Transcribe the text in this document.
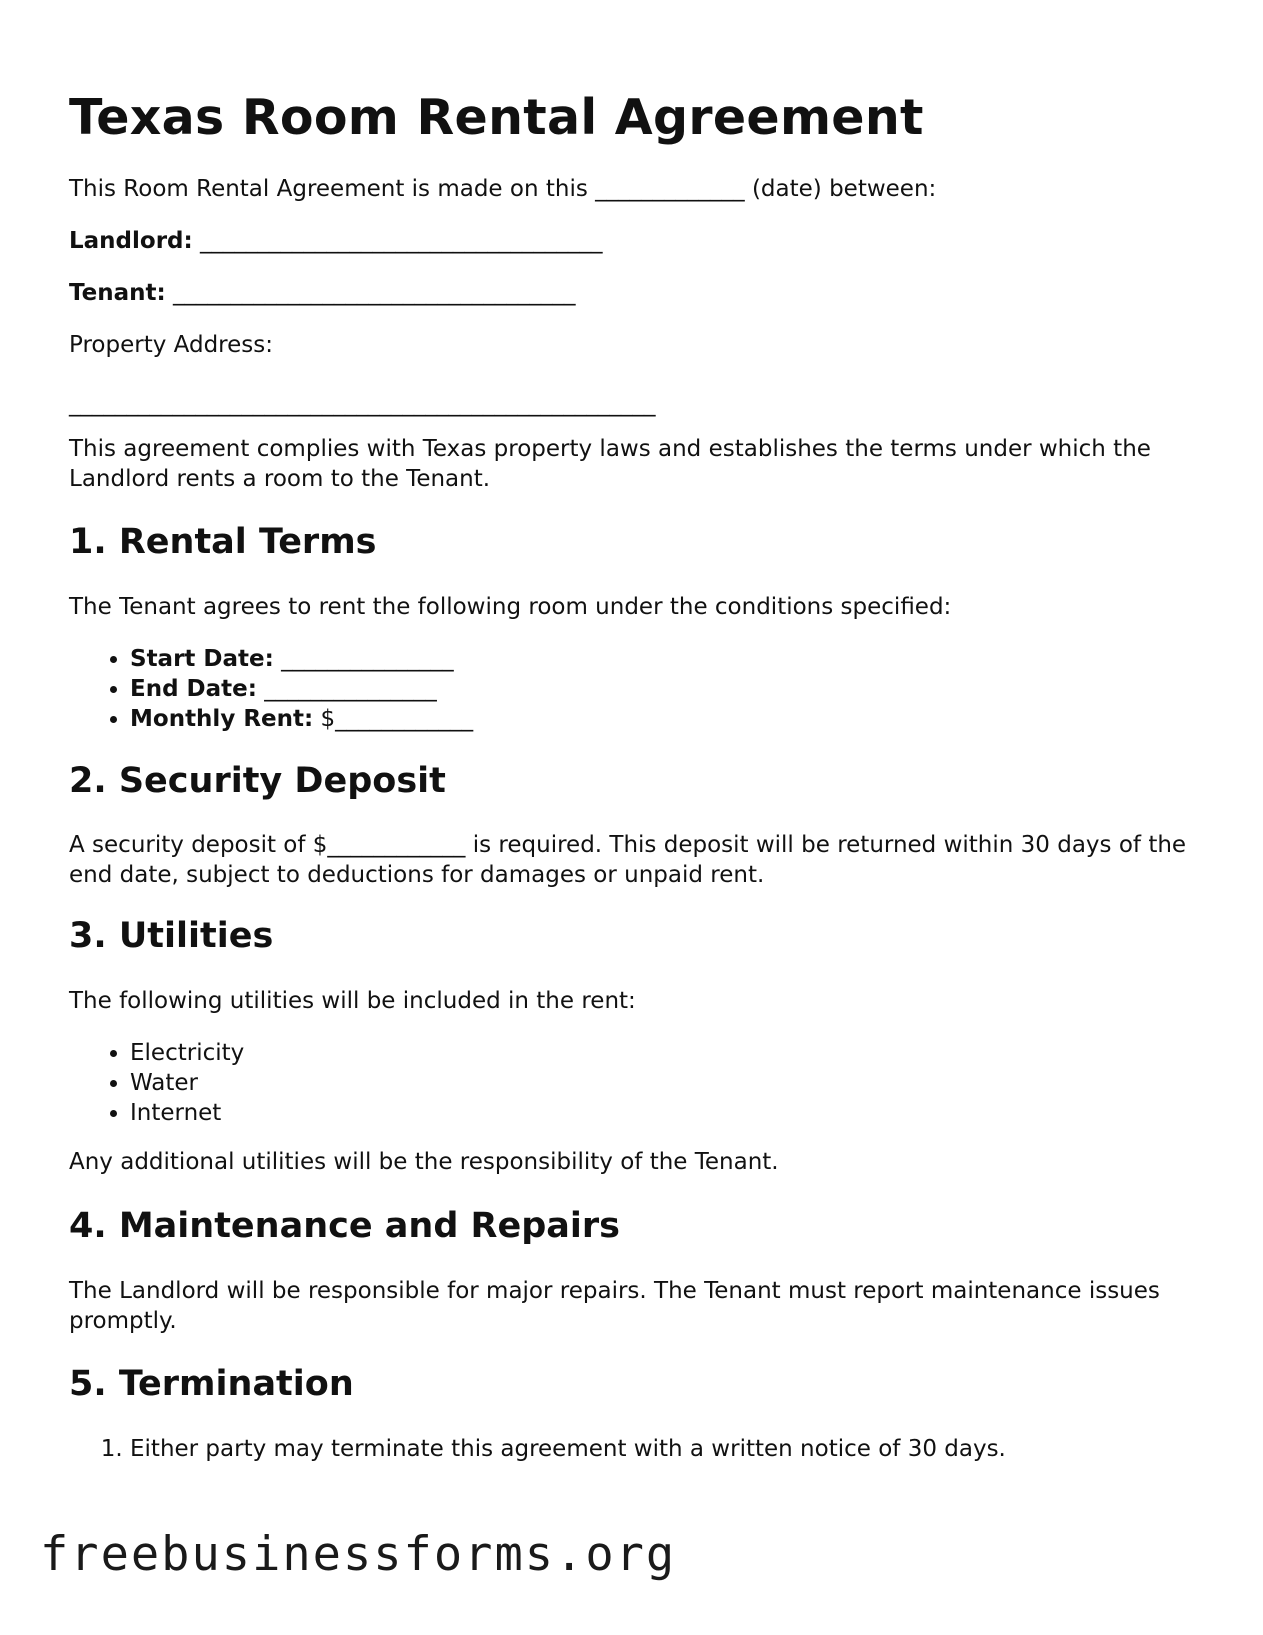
Texas Room Rental Agreement

This Room Rental Agreement is made on this _____________ (date) between:

Landlord: ___________________________________

Tenant: ___________________________________

Property Address:

___________________________________________________

This agreement complies with Texas property laws and establishes the terms under which the Landlord rents a room to the Tenant.

1. Rental Terms

The Tenant agrees to rent the following room under the conditions specified:

• Start Date: _______________
• End Date: _______________
• Monthly Rent: $____________
2. Security Deposit

A security deposit of $____________ is required. This deposit will be returned within 30 days of the end date, subject to deductions for damages or unpaid rent.

3. Utilities

The following utilities will be included in the rent:

• Electricity
• Water
• Internet

Any additional utilities will be the responsibility of the Tenant.

4. Maintenance and Repairs

The Landlord will be responsible for major repairs. The Tenant must report maintenance issues promptly.

5. Termination
1. Either party may terminate this agreement with a written notice of 30 days.
freebusinessforms.org
